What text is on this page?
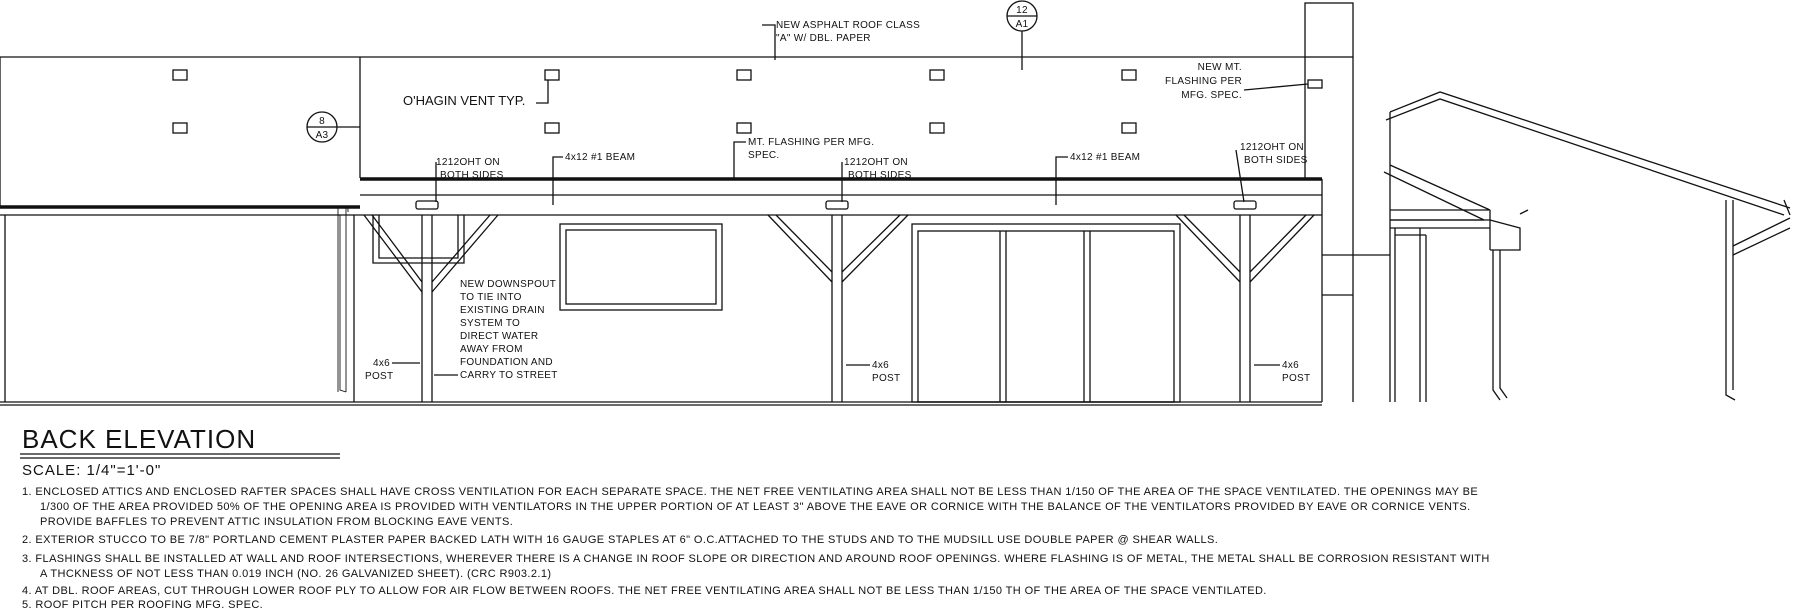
12
A1
8
A3
NEW ASPHALT ROOF CLASS
"A" W/ DBL. PAPER
O'HAGIN VENT TYP.
NEW MT.
FLASHING PER
MFG. SPEC.
MT. FLASHING PER MFG.
SPEC.
1212OHT ON
BOTH SIDES
1212OHT ON
BOTH SIDES
1212OHT ON
BOTH SIDES
4x12 #1 BEAM	4x12 #1 BEAM
NEW DOWNSPOUT
TO TIE INTO
EXISTING DRAIN
SYSTEM TO
DIRECT WATER
AWAY FROM
FOUNDATION AND
CARRY TO STREET
4x6
POST
4x6
POST
4x6
POST
BACK ELEVATION
SCALE: 1/4"=1'-0"
1. ENCLOSED ATTICS AND ENCLOSED RAFTER SPACES SHALL HAVE CROSS VENTILATION FOR EACH SEPARATE SPACE. THE NET FREE VENTILATING AREA SHALL NOT BE LESS THAN 1/150 OF THE AREA OF THE SPACE VENTILATED. THE OPENINGS MAY BE
1/300 OF THE AREA PROVIDED 50% OF THE OPENING AREA IS PROVIDED WITH VENTILATORS IN THE UPPER PORTION OF AT LEAST 3" ABOVE THE EAVE OR CORNICE WITH THE BALANCE OF THE VENTILATORS PROVIDED BY EAVE OR CORNICE VENTS.
PROVIDE BAFFLES TO PREVENT ATTIC INSULATION FROM BLOCKING EAVE VENTS.
2. EXTERIOR STUCCO TO BE 7/8" PORTLAND CEMENT PLASTER PAPER BACKED LATH WITH 16 GAUGE STAPLES AT 6" O.C.ATTACHED TO THE STUDS AND TO THE MUDSILL USE DOUBLE PAPER @ SHEAR WALLS.
3. FLASHINGS SHALL BE INSTALLED AT WALL AND ROOF INTERSECTIONS, WHEREVER THERE IS A CHANGE IN ROOF SLOPE OR DIRECTION AND AROUND ROOF OPENINGS. WHERE FLASHING IS OF METAL, THE METAL SHALL BE CORROSION RESISTANT WITH
A THCKNESS OF NOT LESS THAN 0.019 INCH (NO. 26 GALVANIZED SHEET). (CRC R903.2.1)
4. AT DBL. ROOF AREAS, CUT THROUGH LOWER ROOF PLY TO ALLOW FOR AIR FLOW BETWEEN ROOFS. THE NET FREE VENTILATING AREA SHALL NOT BE LESS THAN 1/150 TH OF THE AREA OF THE SPACE VENTILATED.
5. ROOF PITCH PER ROOFING MFG. SPEC.
